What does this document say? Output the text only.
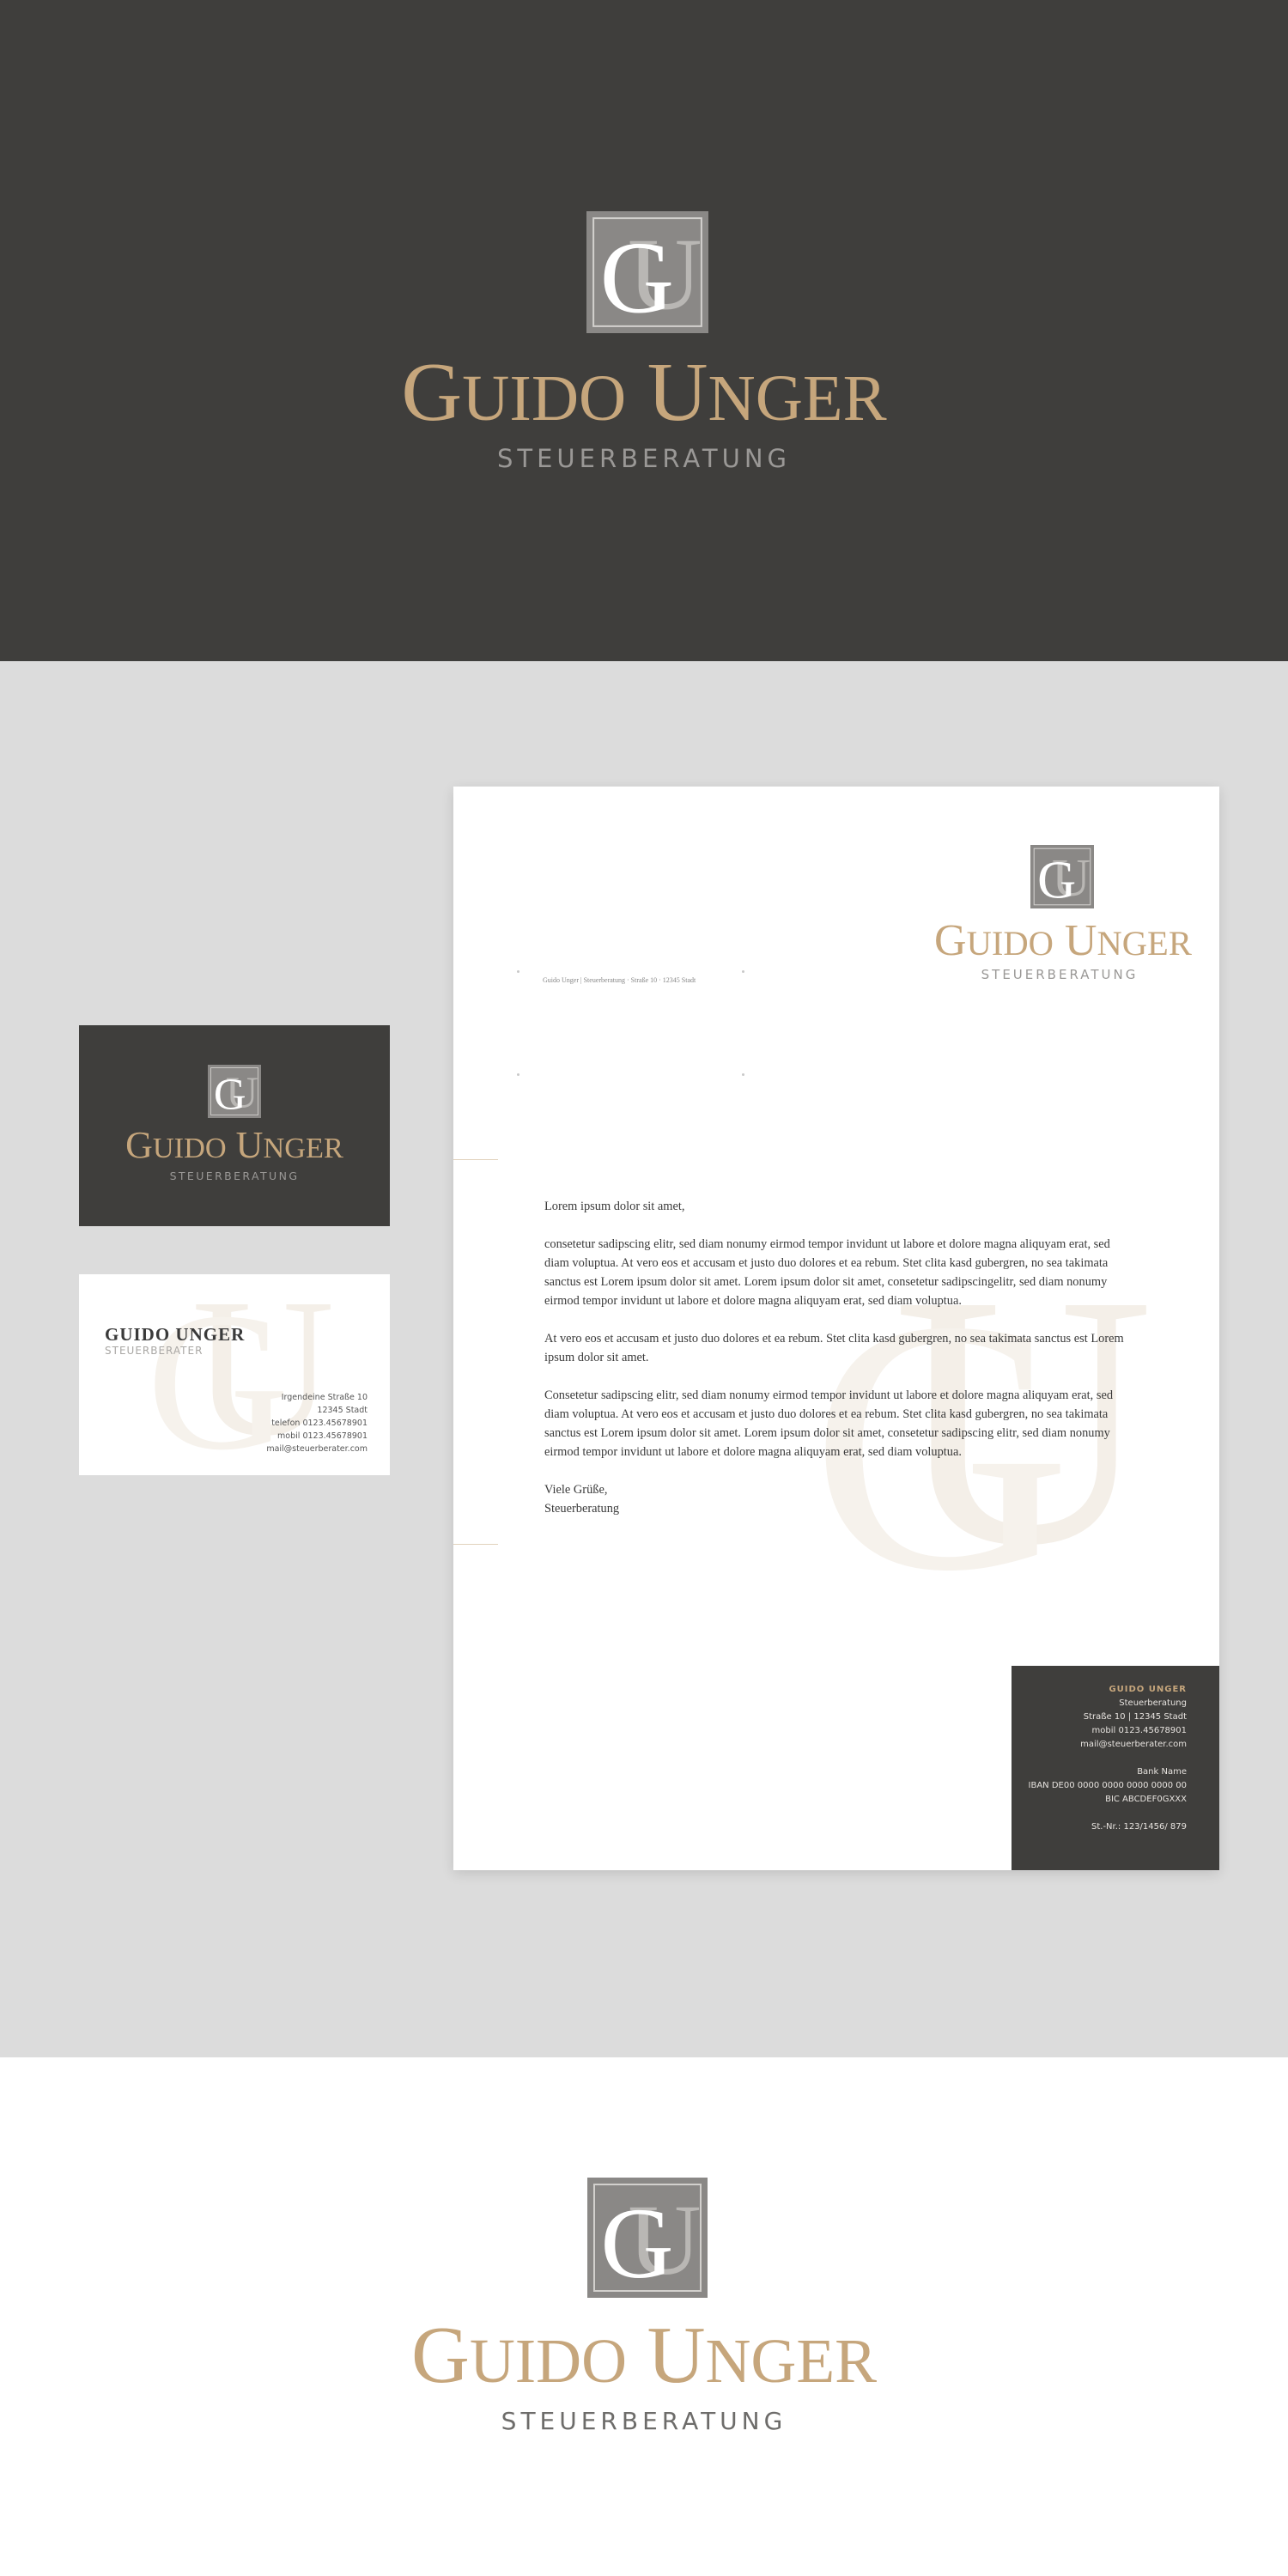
GUIDO UNGER
STEUERBERATUNG
GUIDO UNGER
STEUERBERATUNG
GUIDO UNGER
STEUERBERATER
Irgendeine Straße 10
12345 Stadt
telefon 0123.45678901
mobil 0123.45678901
mail@steuerberater.com
GUIDO UNGER
STEUERBERATUNG
Guido Unger | Steuerberatung · Straße 10 · 12345 Stadt

Lorem ipsum dolor sit amet,

consetetur sadipscing elitr, sed diam nonumy eirmod tempor invidunt ut labore et dolore magna aliquyam erat, sed diam voluptua. At vero eos et accusam et justo duo dolores et ea rebum. Stet clita kasd gubergren, no sea takimata sanctus est Lorem ipsum dolor sit amet. Lorem ipsum dolor sit amet, consetetur sadipscingelitr, sed diam nonumy eirmod tempor invidunt ut labore et dolore magna aliquyam erat, sed diam voluptua.

At vero eos et accusam et justo duo dolores et ea rebum. Stet clita kasd gubergren, no sea takimata sanctus est Lorem ipsum dolor sit amet.

Consetetur sadipscing elitr, sed diam nonumy eirmod tempor invidunt ut labore et dolore magna aliquyam erat, sed diam voluptua. At vero eos et accusam et justo duo dolores et ea rebum. Stet clita kasd gubergren, no sea takimata sanctus est Lorem ipsum dolor sit amet. Lorem ipsum dolor sit amet, consetetur sadipscing elitr, sed diam nonumy eirmod tempor invidunt ut labore et dolore magna aliquyam erat, sed diam voluptua.

Viele Grüße,
Steuerberatung
GUIDO UNGER
Steuerberatung
Straße 10 | 12345 Stadt
mobil 0123.45678901
mail@steuerberater.com
Bank Name
IBAN DE00 0000 0000 0000 0000 00
BIC ABCDEF0GXXX
St.-Nr.: 123/1456/ 879
GUIDO UNGER
STEUERBERATUNG
